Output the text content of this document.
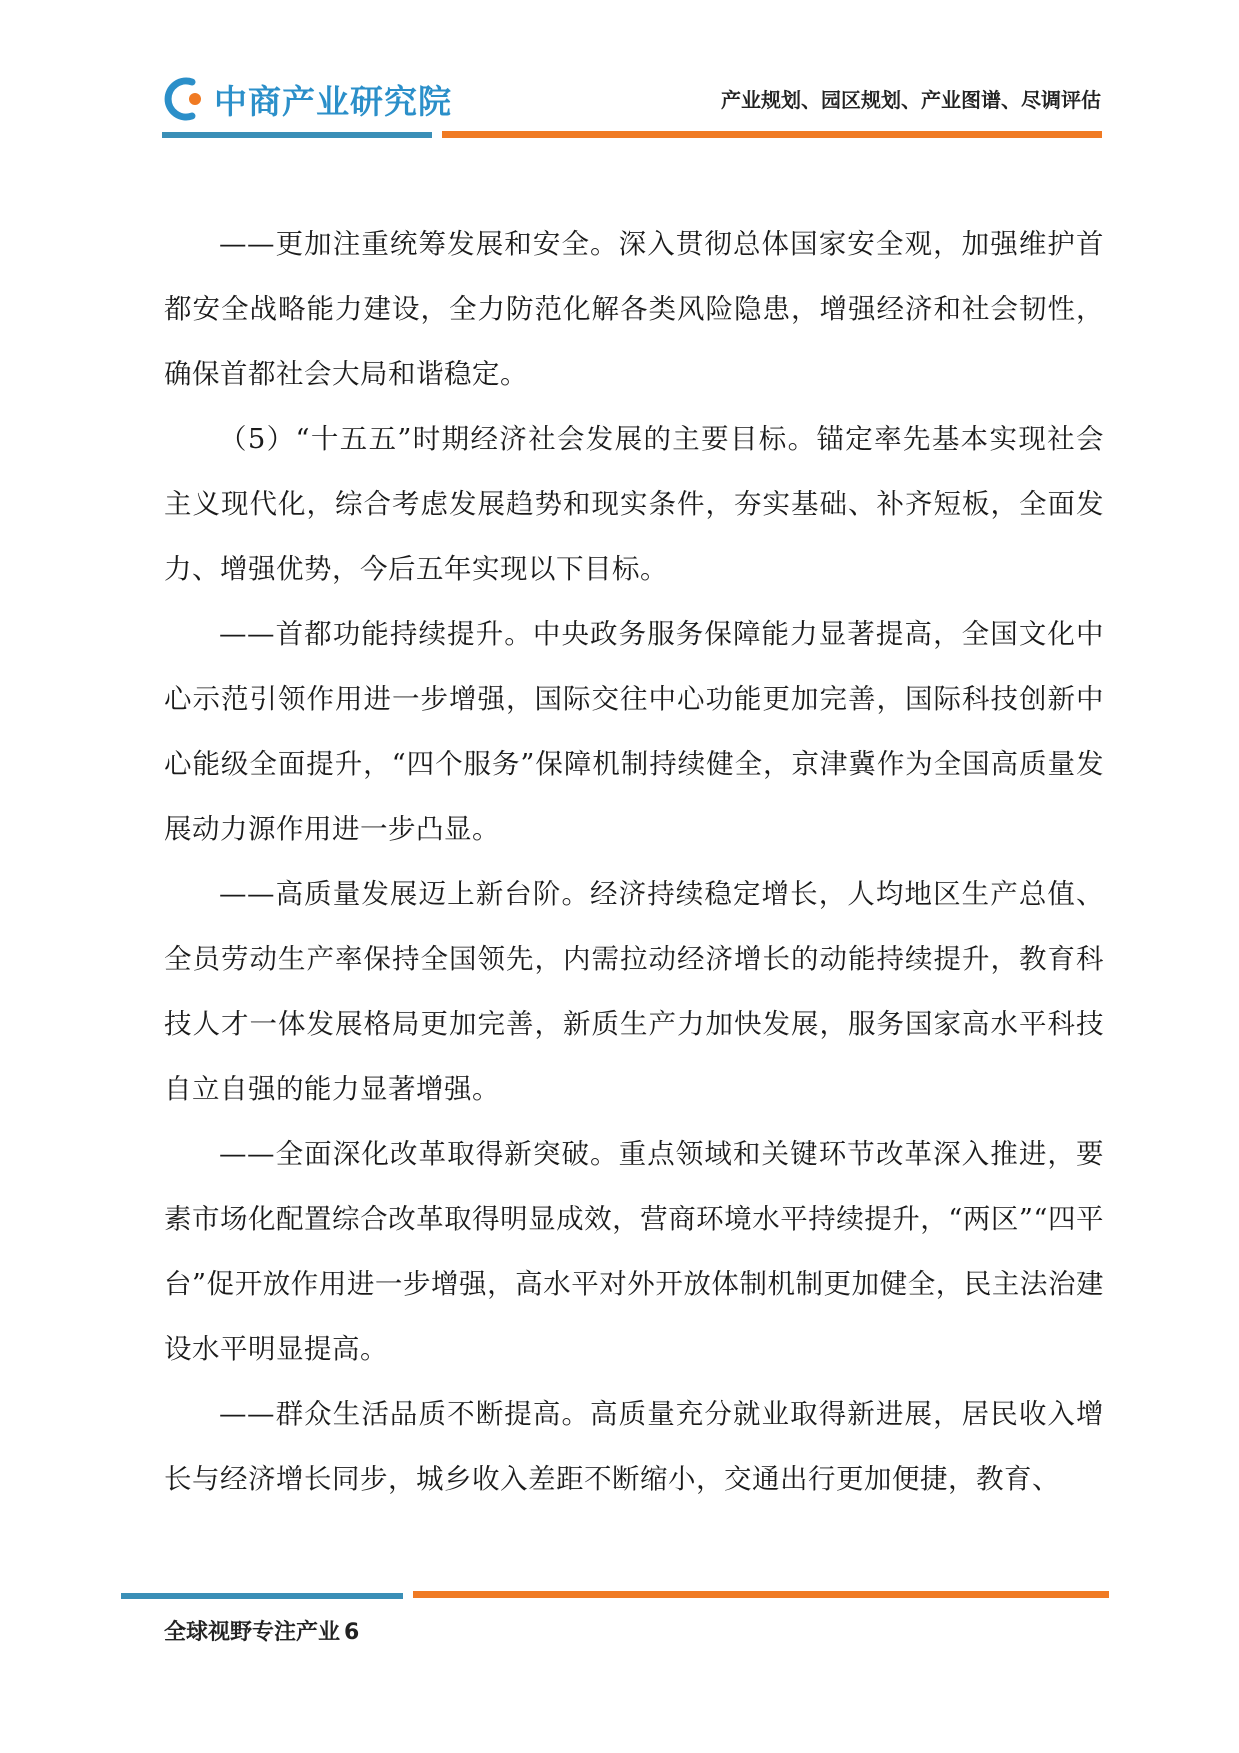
中商产业研究院	产业规划、园区规划、产业图谱、尽调评估

——更加注重统筹发展和安全。深入贯彻总体国家安全观，加强维护首都安全战略能力建设，全力防范化解各类风险隐患，增强经济和社会韧性，确保首都社会大局和谐稳定。

（5）“十五五”时期经济社会发展的主要目标。锚定率先基本实现社会主义现代化，综合考虑发展趋势和现实条件，夯实基础、补齐短板，全面发力、增强优势，今后五年实现以下目标。

——首都功能持续提升。中央政务服务保障能力显著提高，全国文化中心示范引领作用进一步增强，国际交往中心功能更加完善，国际科技创新中心能级全面提升，“四个服务”保障机制持续健全，京津冀作为全国高质量发展动力源作用进一步凸显。

——高质量发展迈上新台阶。经济持续稳定增长，人均地区生产总值、全员劳动生产率保持全国领先，内需拉动经济增长的动能持续提升，教育科技人才一体发展格局更加完善，新质生产力加快发展，服务国家高水平科技自立自强的能力显著增强。

——全面深化改革取得新突破。重点领域和关键环节改革深入推进，要素市场化配置综合改革取得明显成效，营商环境水平持续提升，“两区”“四平台”促开放作用进一步增强，高水平对外开放体制机制更加健全，民主法治建设水平明显提高。

——群众生活品质不断提高。高质量充分就业取得新进展，居民收入增长与经济增长同步，城乡收入差距不断缩小，交通出行更加便捷，教育、

全球视野专注产业 6
